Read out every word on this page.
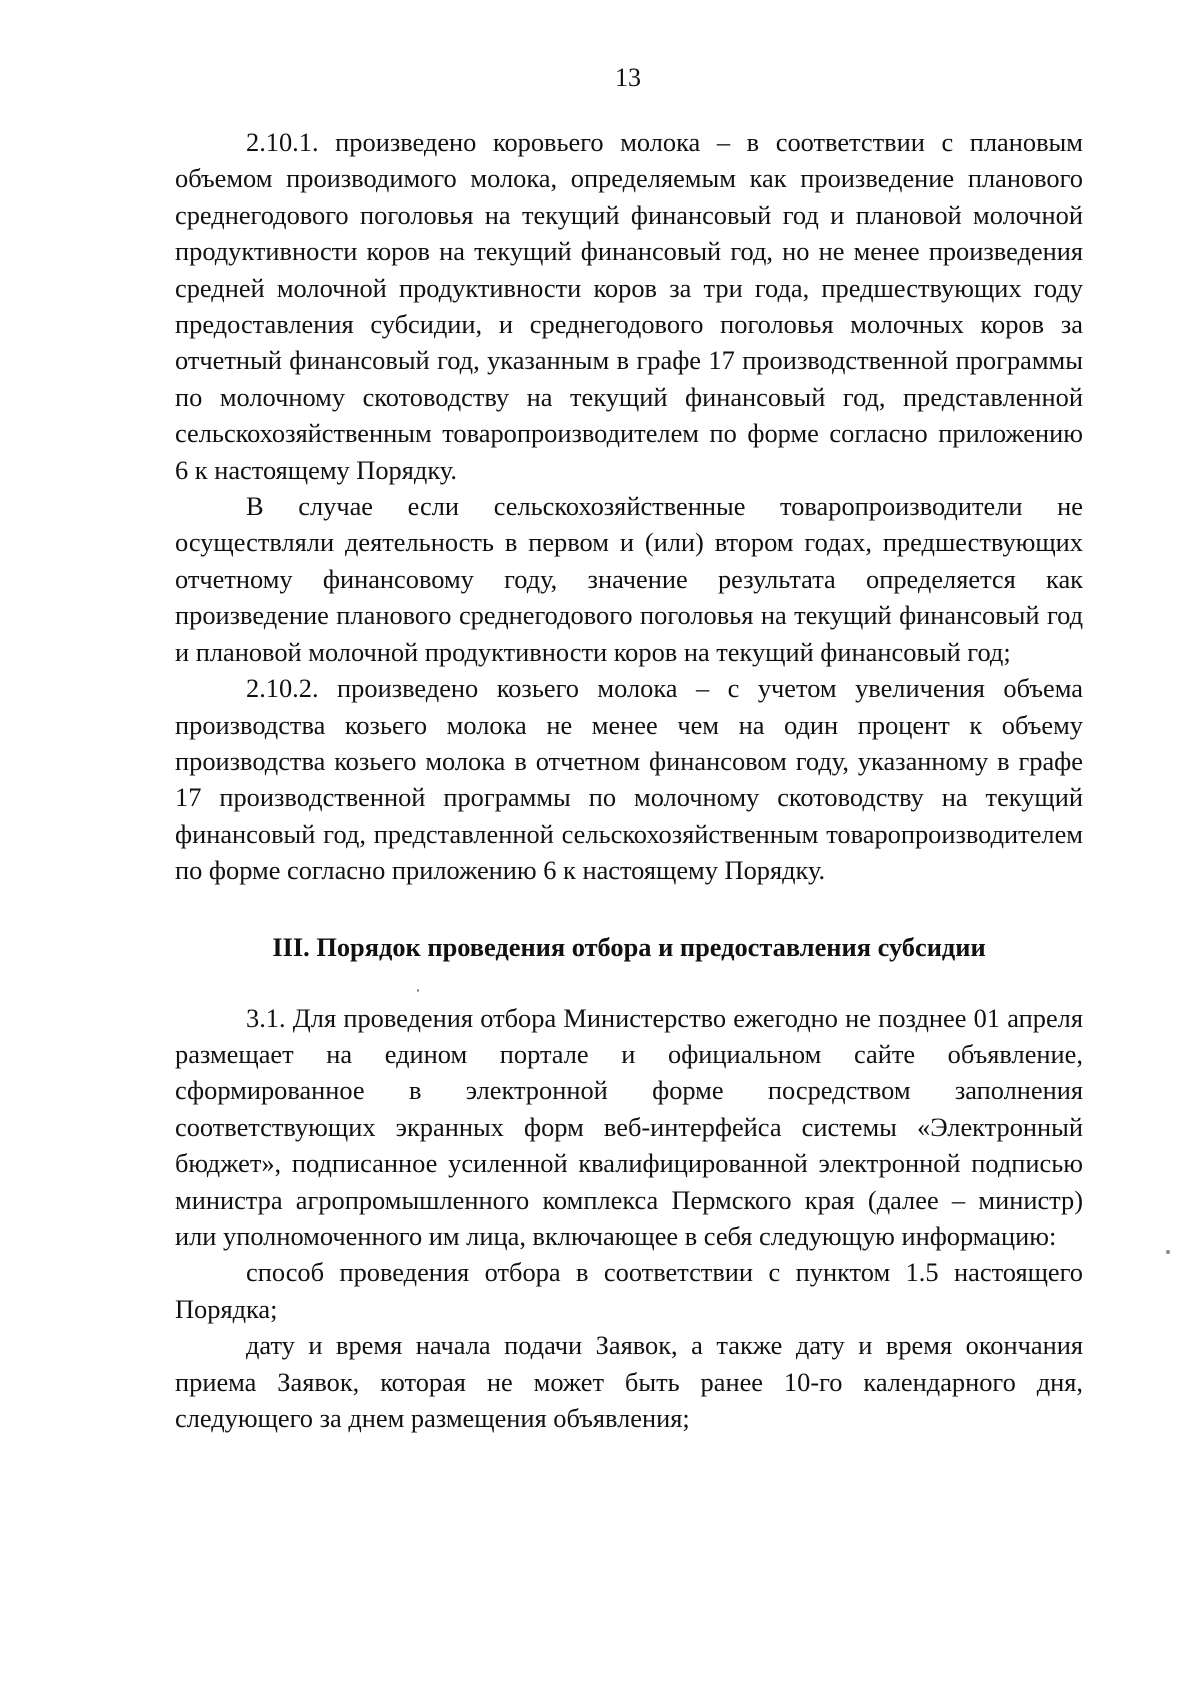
13

2.10.1. произведено коровьего молока – в соответствии с плановым объемом производимого молока, определяемым как произведение планового среднегодового поголовья на текущий финансовый год и плановой молочной продуктивности коров на текущий финансовый год, но не менее произведения средней молочной продуктивности коров за три года, предшествующих году предоставления субсидии, и среднегодового поголовья молочных коров за отчетный финансовый год, указанным в графе 17 производственной программы по молочному скотоводству на текущий финансовый год, представленной сельскохозяйственным товаропроизводителем по форме согласно приложению 6 к настоящему Порядку.

В случае если сельскохозяйственные товаропроизводители не осуществляли деятельность в первом и (или) втором годах, предшествующих отчетному финансовому году, значение результата определяется как произведение планового среднегодового поголовья на текущий финансовый год и плановой молочной продуктивности коров на текущий финансовый год;

2.10.2. произведено козьего молока – с учетом увеличения объема производства козьего молока не менее чем на один процент к объему производства козьего молока в отчетном финансовом году, указанному в графе 17 производственной программы по молочному скотоводству на текущий финансовый год, представленной сельскохозяйственным товаропроизводителем по форме согласно приложению 6 к настоящему Порядку.

III. Порядок проведения отбора и предоставления субсидии

3.1. Для проведения отбора Министерство ежегодно не позднее 01 апреля размещает на едином портале и официальном сайте объявление, сформированное в электронной форме посредством заполнения соответствующих экранных форм веб-интерфейса системы «Электронный бюджет», подписанное усиленной квалифицированной электронной подписью министра агропромышленного комплекса Пермского края (далее – министр) или уполномоченного им лица, включающее в себя следующую информацию:

способ проведения отбора в соответствии с пунктом 1.5 настоящего Порядка;

дату и время начала подачи Заявок, а также дату и время окончания приема Заявок, которая не может быть ранее 10-го календарного дня, следующего за днем размещения объявления;
